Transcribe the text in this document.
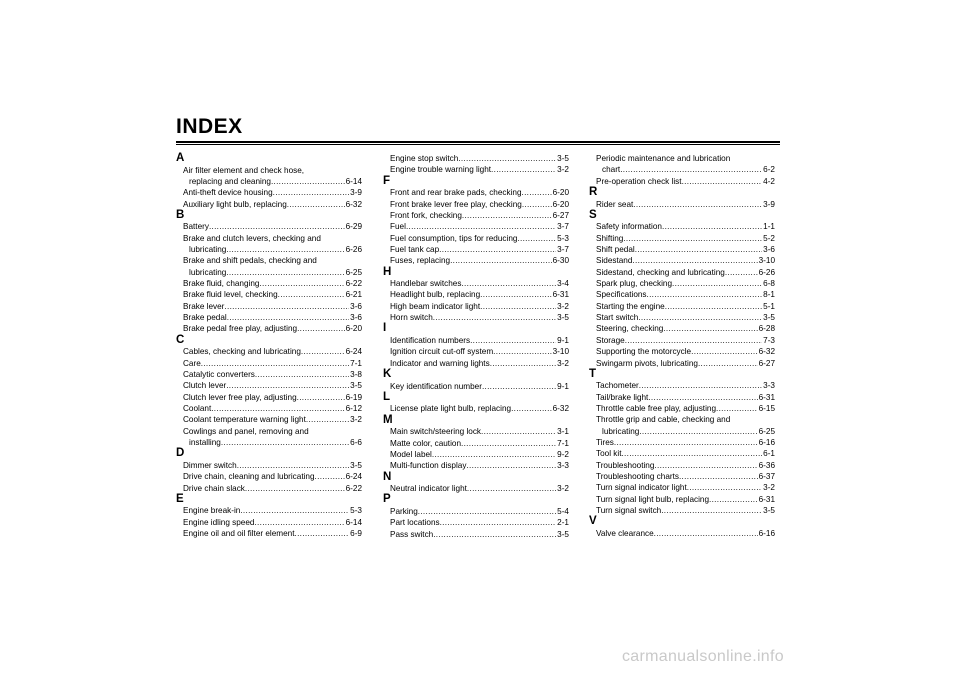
INDEX
A
Air filter element and check hose,
replacing and cleaning .....	6-14
Anti-theft device housing .....	3-9
Auxiliary light bulb, replacing .....	6-32
B
Battery .....	6-29
Brake and clutch levers, checking and
lubricating .....	6-26
Brake and shift pedals, checking and
lubricating .....	6-25
Brake fluid, changing .....	6-22
Brake fluid level, checking .....	6-21
Brake lever .....	3-6
Brake pedal .....	3-6
Brake pedal free play, adjusting .....	6-20
C
Cables, checking and lubricating .....	6-24
Care .....	7-1
Catalytic converters .....	3-8
Clutch lever .....	3-5
Clutch lever free play, adjusting .....	6-19
Coolant .....	6-12
Coolant temperature warning light .....	3-2
Cowlings and panel, removing and
installing .....	6-6
D
Dimmer switch .....	3-5
Drive chain, cleaning and lubricating .....	6-24
Drive chain slack .....	6-22
E
Engine break-in .....	5-3
Engine idling speed .....	6-14
Engine oil and oil filter element .....	6-9
Engine stop switch .....	3-5
Engine trouble warning light .....	3-2
F
Front and rear brake pads, checking .....	6-20
Front brake lever free play, checking .....	6-20
Front fork, checking .....	6-27
Fuel .....	3-7
Fuel consumption, tips for reducing .....	5-3
Fuel tank cap .....	3-7
Fuses, replacing .....	6-30
H
Handlebar switches .....	3-4
Headlight bulb, replacing .....	6-31
High beam indicator light .....	3-2
Horn switch .....	3-5
I
Identification numbers .....	9-1
Ignition circuit cut-off system .....	3-10
Indicator and warning lights .....	3-2
K
Key identification number .....	9-1
L
License plate light bulb, replacing .....	6-32
M
Main switch/steering lock .....	3-1
Matte color, caution .....	7-1
Model label .....	9-2
Multi-function display .....	3-3
N
Neutral indicator light .....	3-2
P
Parking .....	5-4
Part locations .....	2-1
Pass switch .....	3-5
Periodic maintenance and lubrication
chart .....	6-2
Pre-operation check list .....	4-2
R
Rider seat .....	3-9
S
Safety information .....	1-1
Shifting .....	5-2
Shift pedal .....	3-6
Sidestand .....	3-10
Sidestand, checking and lubricating .....	6-26
Spark plug, checking .....	6-8
Specifications .....	8-1
Starting the engine .....	5-1
Start switch .....	3-5
Steering, checking .....	6-28
Storage .....	7-3
Supporting the motorcycle .....	6-32
Swingarm pivots, lubricating .....	6-27
T
Tachometer .....	3-3
Tail/brake light .....	6-31
Throttle cable free play, adjusting .....	6-15
Throttle grip and cable, checking and
lubricating .....	6-25
Tires .....	6-16
Tool kit .....	6-1
Troubleshooting .....	6-36
Troubleshooting charts .....	6-37
Turn signal indicator light .....	3-2
Turn signal light bulb, replacing .....	6-31
Turn signal switch .....	3-5
V
Valve clearance .....	6-16
carmanualsonline.info
